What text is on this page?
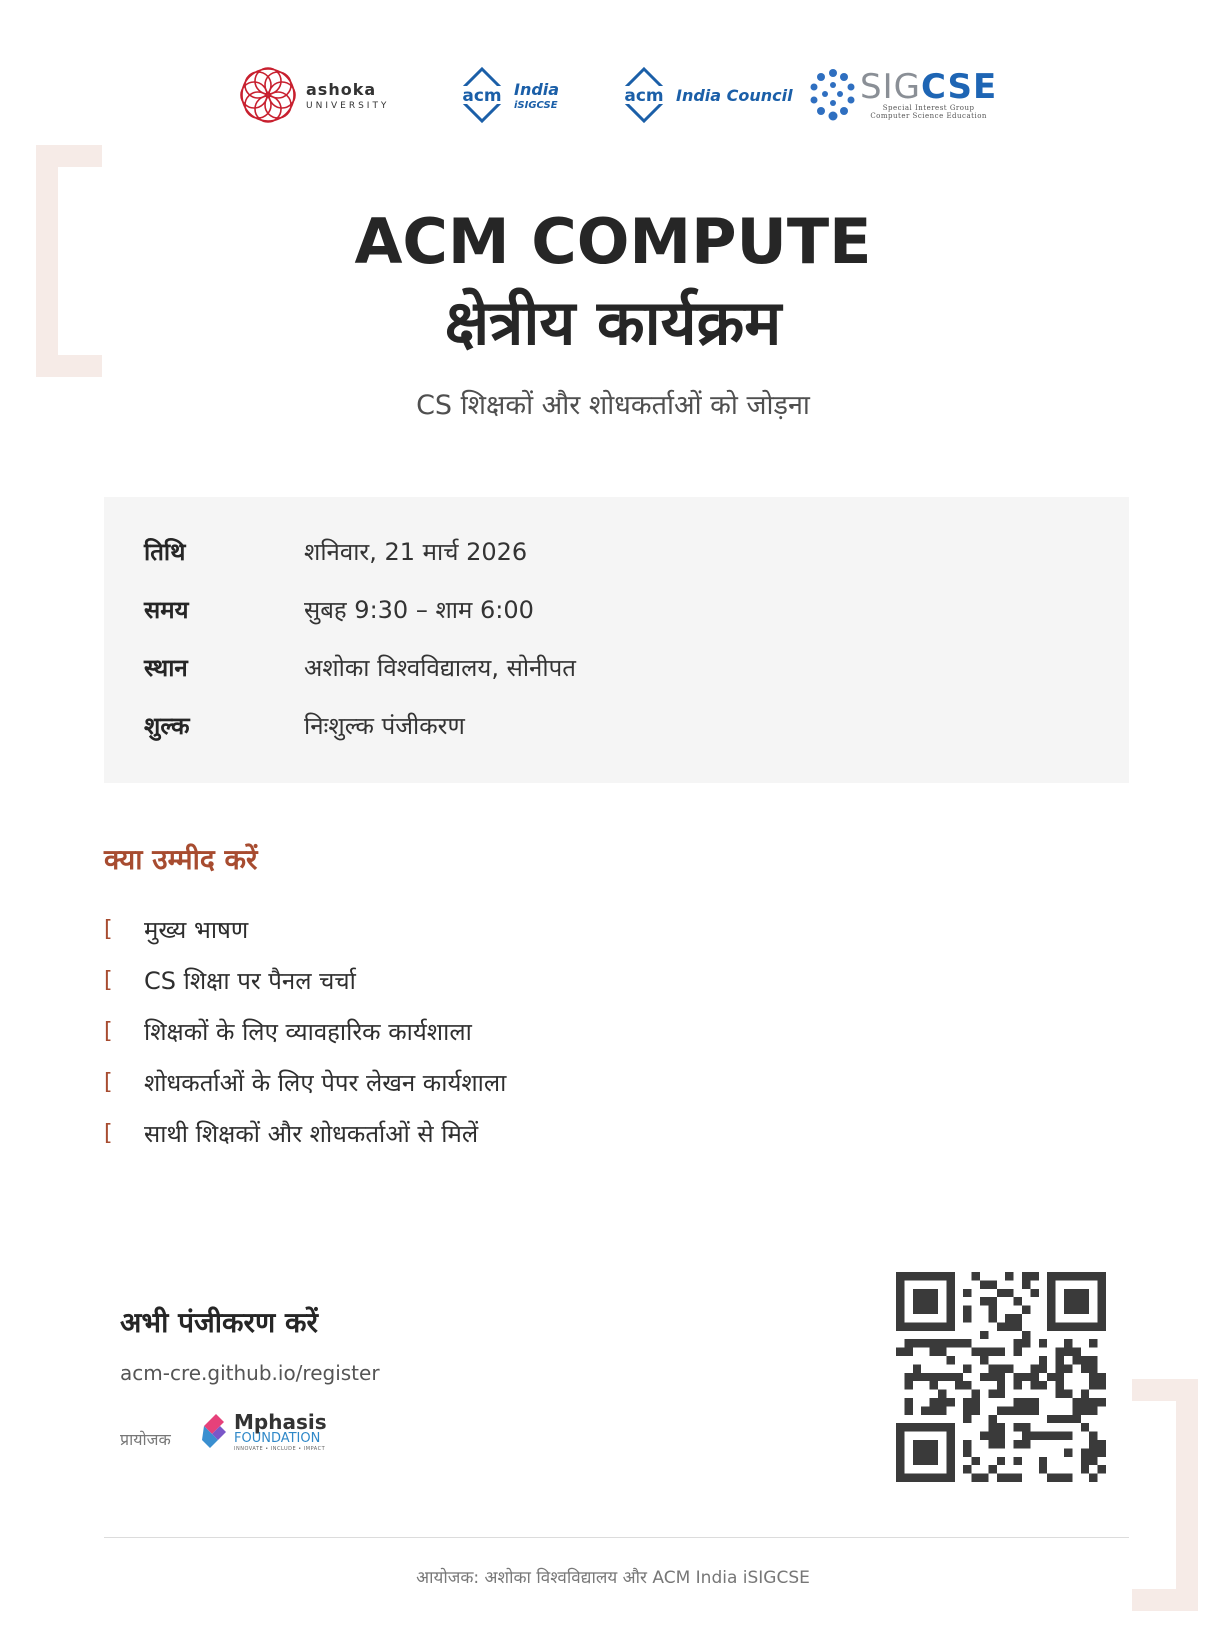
ashoka
UNIVERSITY	acm India
iSIGCSE	acm India Council SIGCSE
Special Interest Group
Computer Science Education
ACM COMPUTE
क्षेत्रीय कार्यक्रम
CS शिक्षकों और शोधकर्ताओं को जोड़ना
तिथि	शनिवार, 21 मार्च 2026
समय	सुबह 9:30 – शाम 6:00
स्थान	अशोका विश्वविद्यालय, सोनीपत
शुल्क	निःशुल्क पंजीकरण
क्या उम्मीद करें
[	मुख्य भाषण
[	CS शिक्षा पर पैनल चर्चा
[	शिक्षकों के लिए व्यावहारिक कार्यशाला
[	शोधकर्ताओं के लिए पेपर लेखन कार्यशाला
[	साथी शिक्षकों और शोधकर्ताओं से मिलें
अभी पंजीकरण करें
acm-cre.github.io/register
प्रायोजक
Mphasis
FOUNDATION
INNOVATE • INCLUDE • IMPACT
आयोजक: अशोका विश्वविद्यालय और ACM India iSIGCSE
